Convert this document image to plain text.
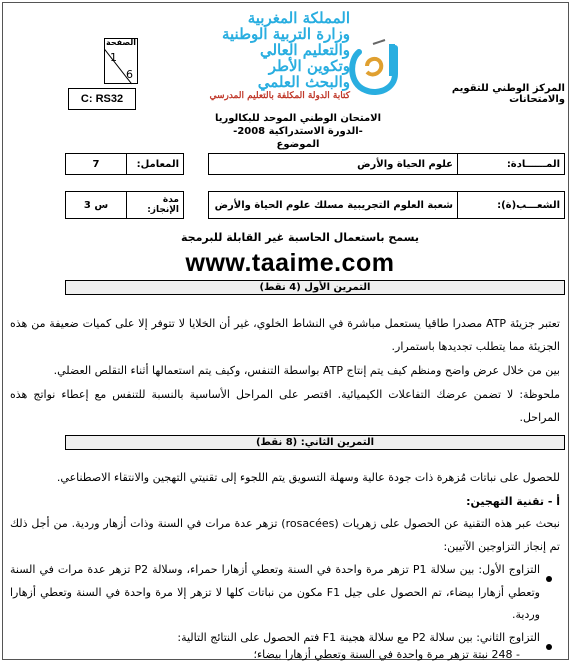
الصفحة
1
6
C: RS32
المملكة المغربية
وزارة التربية الوطنية
والتعليم العالي
وتكوين الأطر
والبحث العلمي
كتابة الدولة المكلفة بالتعليم المدرسي
المركز الوطني للتقويم والامتحانات
الامتحان الوطني الموحد للبكالوريا
-الدورة الاستدراكية 2008-
الموضوع
7	المعامل:		علوم الحياة والأرض	المــــــادة:
3 س	مدة الإنجاز:		شعبة العلوم التجريبية مسلك علوم الحياة والأرض	الشعـــب(ة):
يسمح باستعمال الحاسبة غير القابلة للبرمجة
www.taaime.com
التمرين الأول (4 نقط)
تعتبر جزيئة ATP مصدرا طاقيا يستعمل مباشرة في النشاط الخلوي، غير أن الخلايا لا تتوفر إلا على كميات ضعيفة من هذه الجزيئة مما يتطلب تجديدها باستمرار.
بين من خلال عرض واضح ومنظم كيف يتم إنتاج ATP بواسطة التنفس، وكيف يتم استعمالها أثناء التقلص العضلي.
ملحوظة: لا تضمن عرضك التفاعلات الكيميائية. اقتصر على المراحل الأساسية بالنسبة للتنفس مع إعطاء نواتج هذه المراحل.
التمرين الثاني: (8 نقط)
للحصول على نباتات مُزهرة ذات جودة عالية وسهلة التسويق يتم اللجوء إلى تقنيتي التهجين والانتقاء الاصطناعي.
أ - تقنية التهجين:
نبحث عبر هذه التقنية عن الحصول على زهريات (rosacées) تزهر عدة مرات في السنة وذات أزهار وردية. من أجل ذلك تم إنجاز التزاوجين الآتيين:
التزاوج الأول: بين سلالة P1 تزهر مرة واحدة في السنة وتعطي أزهارا حمراء، وسلالة P2 تزهر عدة مرات في السنة وتعطي أزهارا بيضاء، تم الحصول على جيل F1 مكون من نباتات كلها لا تزهر إلا مرة واحدة في السنة وتعطي أزهارا وردية.
التزاوج الثاني: بين سلالة P2 مع سلالة هجينة F1 فتم الحصول على النتائج التالية:
- 248 نبتة تزهر مرة واحدة في السنة وتعطي أزهارا بيضاء؛
